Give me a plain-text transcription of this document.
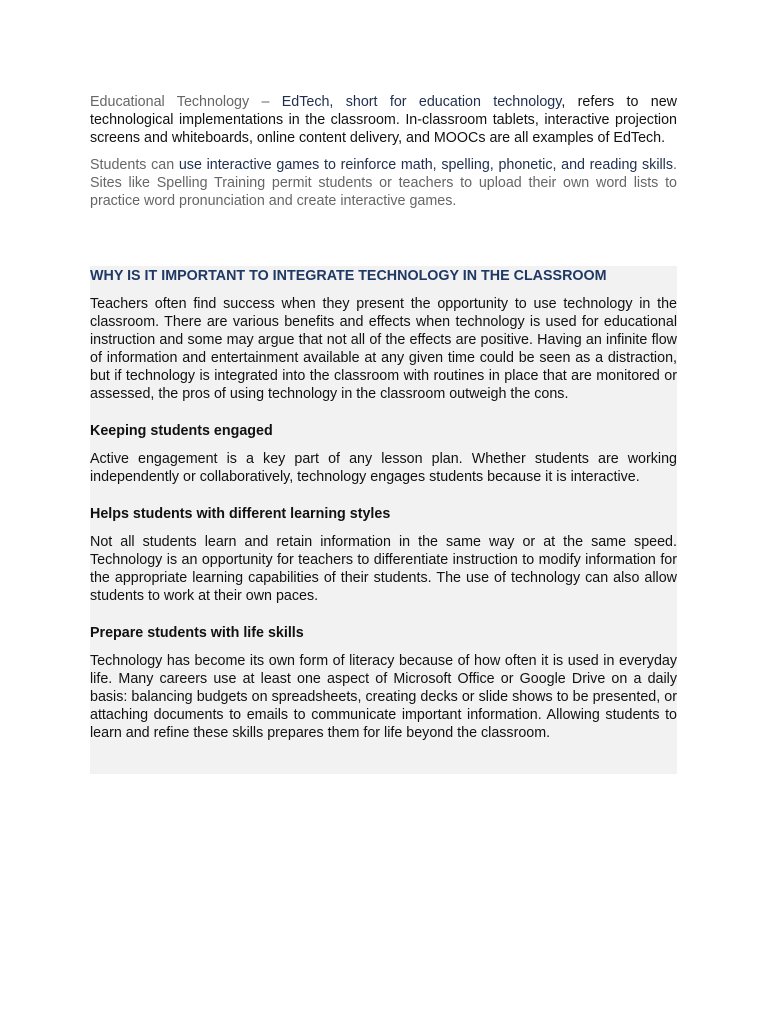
Educational Technology – EdTech, short for education technology, refers to new technological implementations in the classroom. In-classroom tablets, interactive projection screens and whiteboards, online content delivery, and MOOCs are all examples of EdTech.

Students can use interactive games to reinforce math, spelling, phonetic, and reading skills. Sites like Spelling Training permit students or teachers to upload their own word lists to practice word pronunciation and create interactive games.

WHY IS IT IMPORTANT TO INTEGRATE TECHNOLOGY IN THE CLASSROOM

Teachers often find success when they present the opportunity to use technology in the classroom. There are various benefits and effects when technology is used for educational instruction and some may argue that not all of the effects are positive. Having an infinite flow of information and entertainment available at any given time could be seen as a distraction, but if technology is integrated into the classroom with routines in place that are monitored or assessed, the pros of using technology in the classroom outweigh the cons.

Keeping students engaged

Active engagement is a key part of any lesson plan. Whether students are working independently or collaboratively, technology engages students because it is interactive.

Helps students with different learning styles

Not all students learn and retain information in the same way or at the same speed. Technology is an opportunity for teachers to differentiate instruction to modify information for the appropriate learning capabilities of their students. The use of technology can also allow students to work at their own paces.

Prepare students with life skills

Technology has become its own form of literacy because of how often it is used in everyday life. Many careers use at least one aspect of Microsoft Office or Google Drive on a daily basis: balancing budgets on spreadsheets, creating decks or slide shows to be presented, or attaching documents to emails to communicate important information. Allowing students to learn and refine these skills prepares them for life beyond the classroom.
